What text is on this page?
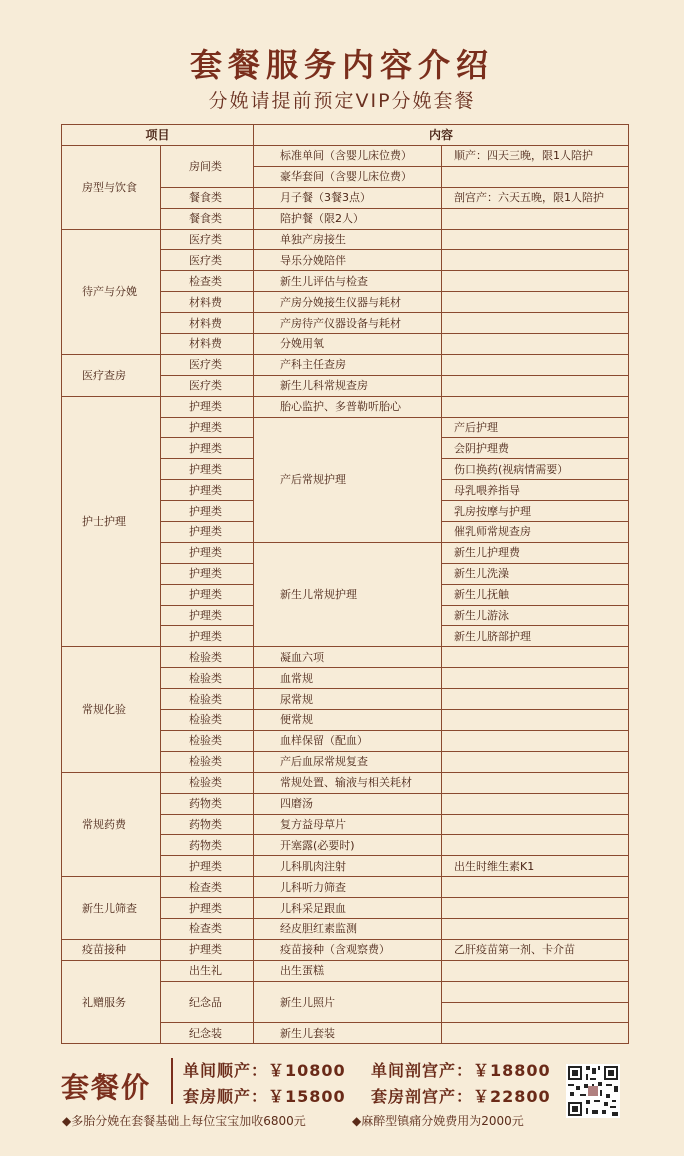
套餐服务内容介绍
分娩请提前预定VIP分娩套餐
项目		内容	
房型与饮食	房间类	标准单间（含婴儿床位费）	顺产：四天三晚，限1人陪护
		豪华套间（含婴儿床位费）	
	餐食类	月子餐（3餐3点）	剖宫产：六天五晚，限1人陪护
	餐食类	陪护餐（限2人）	
待产与分娩	医疗类	单独产房接生	
	医疗类	导乐分娩陪伴	
	检查类	新生儿评估与检查	
	材料费	产房分娩接生仪器与耗材	
	材料费	产房待产仪器设备与耗材	
	材料费	分娩用氧	
医疗查房	医疗类	产科主任查房	
	医疗类	新生儿科常规查房	
护士护理	护理类	胎心监护、多普勒听胎心	
	护理类	产后常规护理	产后护理
	护理类		会阴护理费
	护理类		伤口换药(视病情需要）
	护理类		母乳喂养指导
	护理类		乳房按摩与护理
	护理类		催乳师常规查房
	护理类	新生儿常规护理	新生儿护理费
	护理类		新生儿洗澡
	护理类		新生儿抚触
	护理类		新生儿游泳
	护理类		新生儿脐部护理
常规化验	检验类	凝血六项	
	检验类	血常规	
	检验类	尿常规	
	检验类	便常规	
	检验类	血样保留（配血）	
	检验类	产后血尿常规复查	
常规药费	检验类	常规处置、输液与相关耗材	
	药物类	四磨汤	
	药物类	复方益母草片	
	药物类	开塞露(必要时)	
	护理类	儿科肌肉注射	出生时维生素K1
新生儿筛查	检查类	儿科听力筛查	
	护理类	儿科采足跟血	
	检查类	经皮胆红素监测	
疫苗接种	护理类	疫苗接种（含观察费）	乙肝疫苗第一剂、卡介苗
礼赠服务	出生礼	出生蛋糕	
	纪念品	新生儿照片	

	纪念装	新生儿套装	
套餐价
单间顺产：￥10800 单间剖宫产：￥18800
套房顺产：￥15800 套房剖宫产：￥22800
◆多胎分娩在套餐基础上每位宝宝加收6800元	◆麻醉型镇痛分娩费用为2000元
